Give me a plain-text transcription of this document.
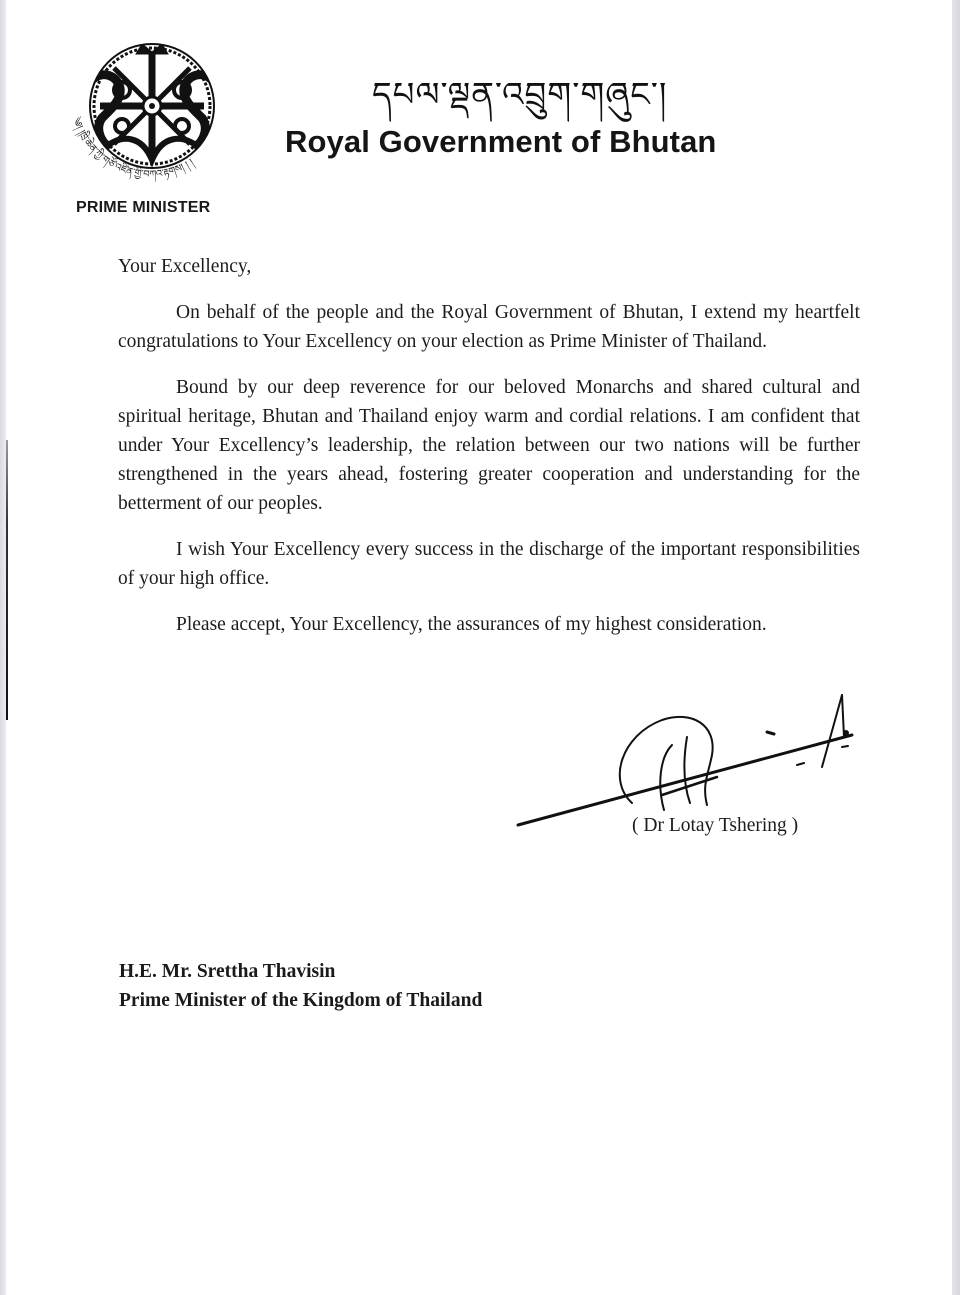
༄། །ཁྲི་ཆེན་ཀྱི་གཙོ་འཛིན་གྱི་བཀའ་རྟགས། ། །
PRIME MINISTER
དཔལ་ལྡན་འབྲུག་གཞུང་།
Royal Government of Bhutan

Your Excellency,

On behalf of the people and the Royal Government of Bhutan, I extend my heartfelt congratulations to Your Excellency on your election as Prime Minister of Thailand.

Bound by our deep reverence for our beloved Monarchs and shared cultural and spiritual heritage, Bhutan and Thailand enjoy warm and cordial relations. I am confident that under Your Excellency’s leadership, the relation between our two nations will be further strengthened in the years ahead, fostering greater cooperation and understanding for the betterment of our peoples.

I wish Your Excellency every success in the discharge of the important responsibilities of your high office.

Please accept, Your Excellency, the assurances of my highest consideration.

( Dr Lotay Tshering )
H.E. Mr. Srettha Thavisin
Prime Minister of the Kingdom of Thailand
